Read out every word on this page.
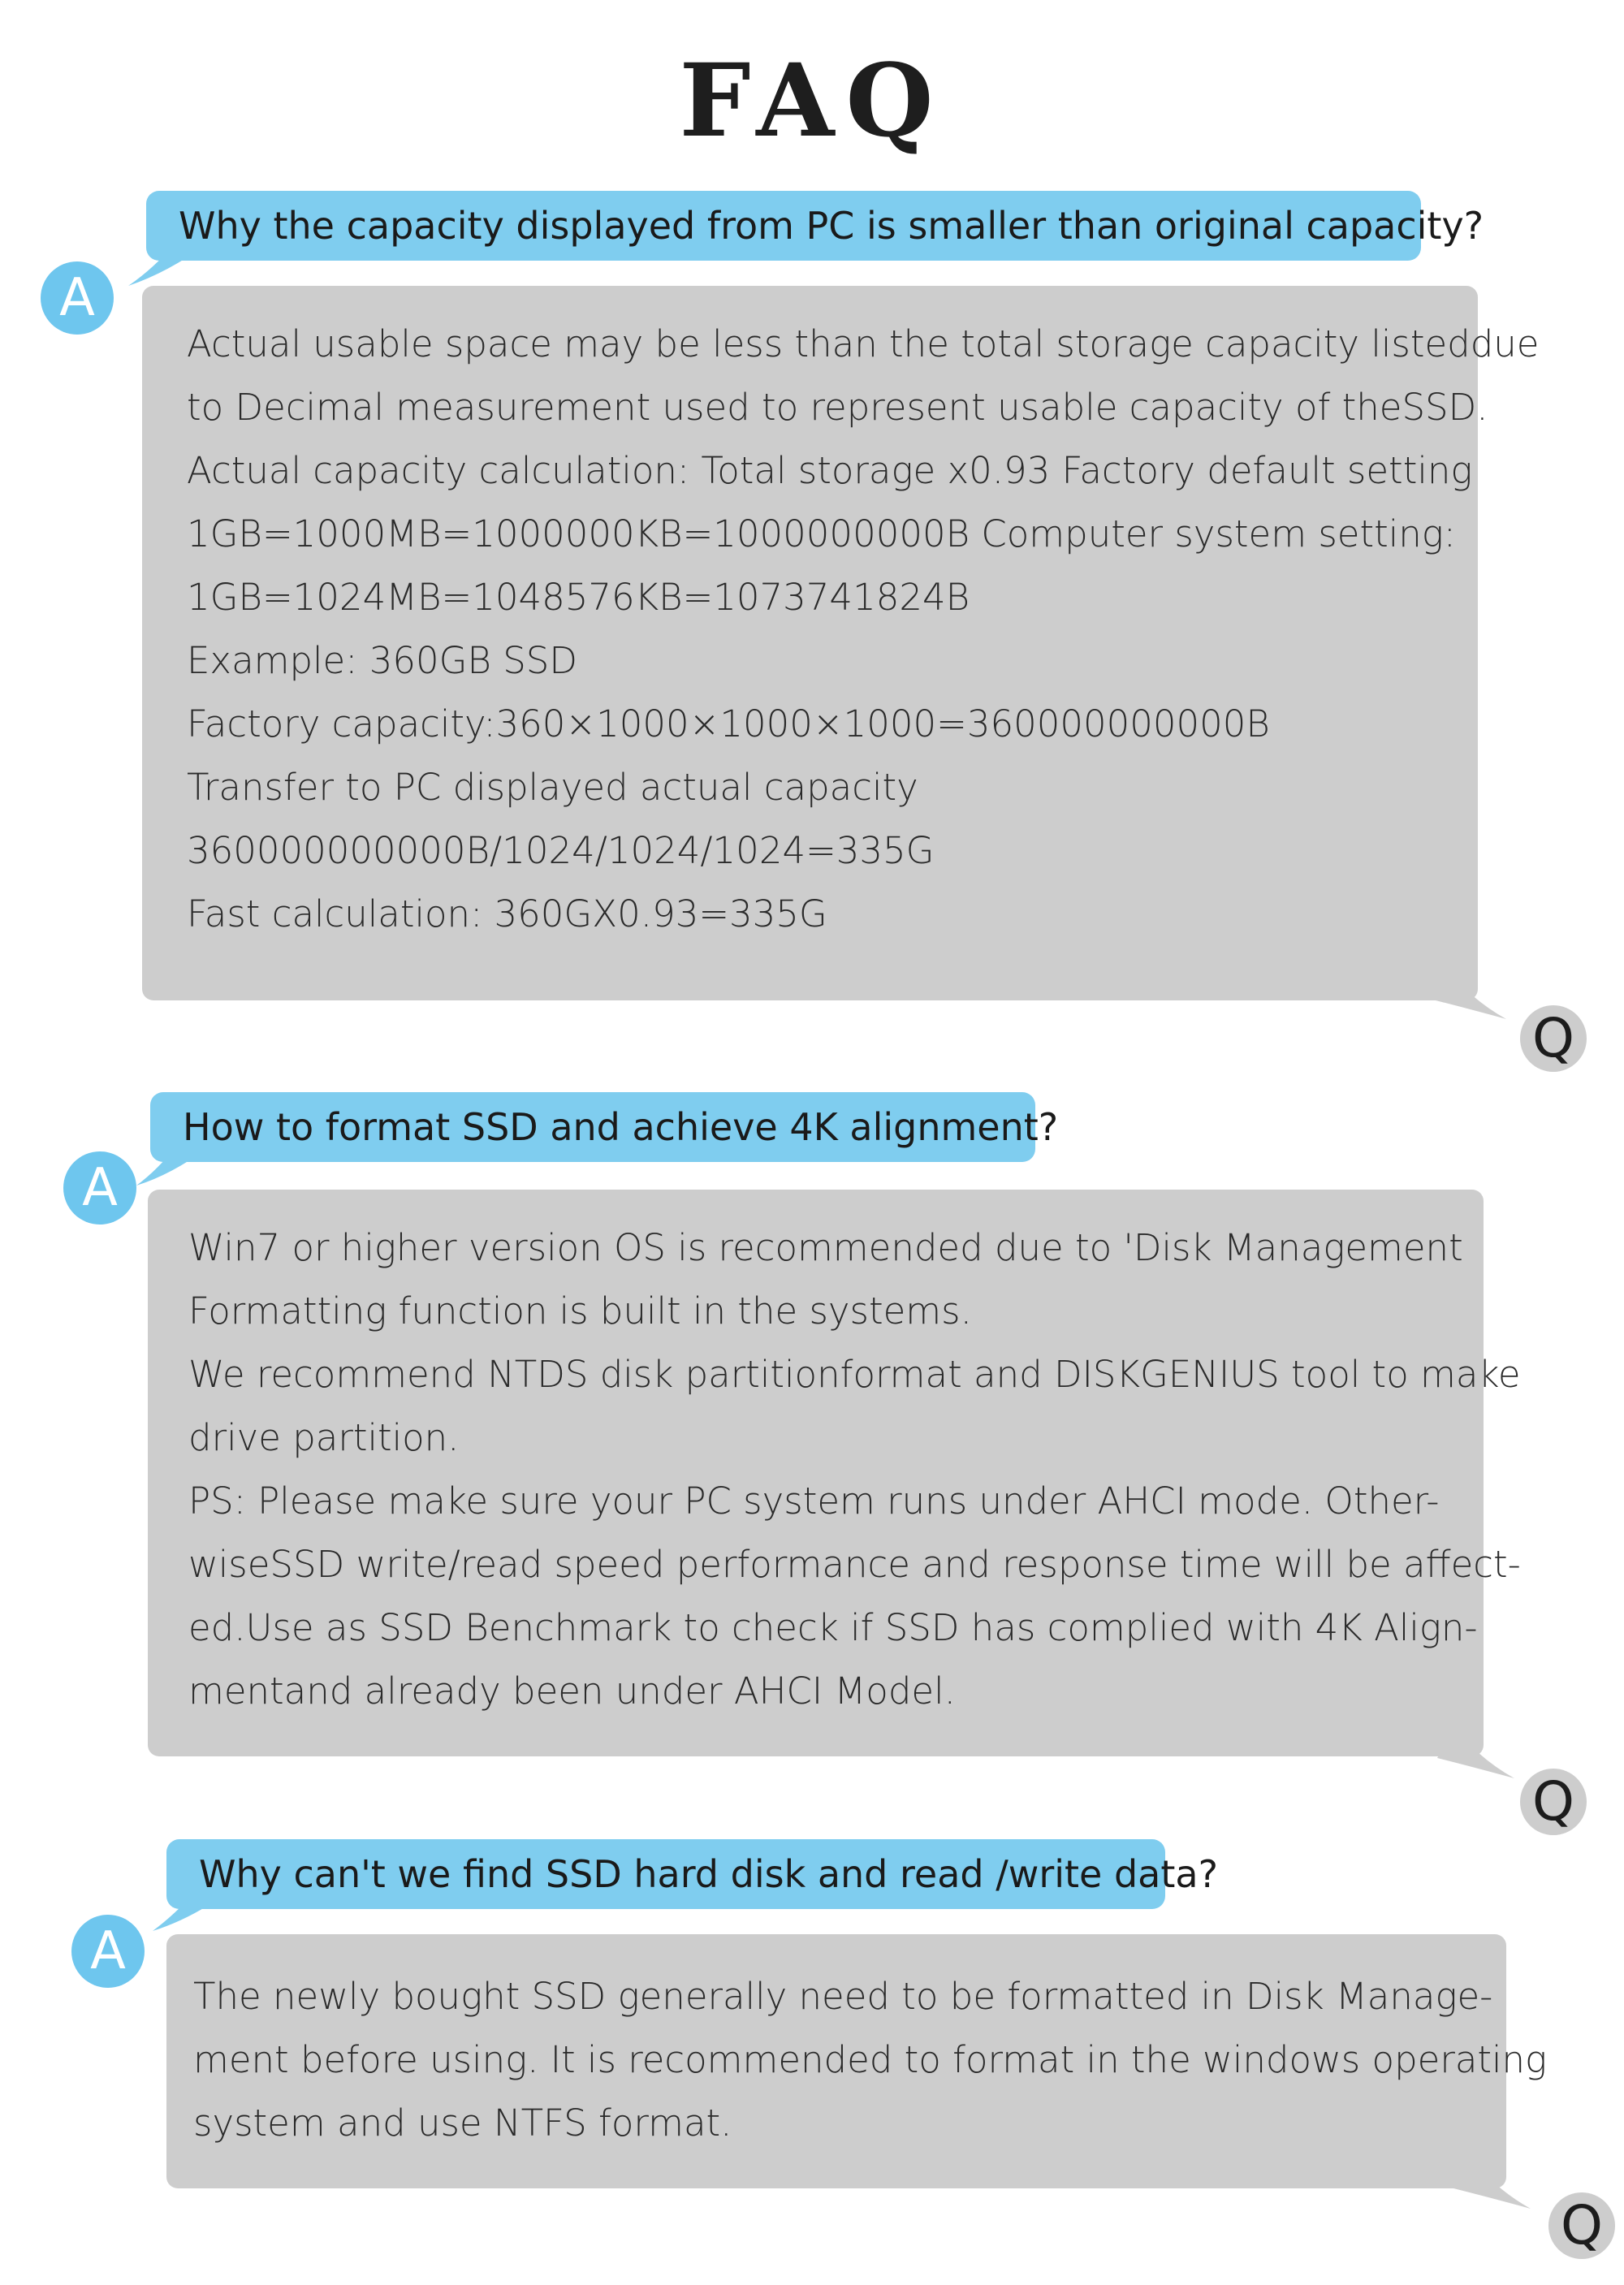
FAQ
Why the capacity displayed from PC is smaller than original capacity?
A
Actual usable space may be less than the total storage capacity listeddue
to Decimal measurement used to represent usable capacity of theSSD.
Actual capacity calculation: Total storage x0.93 Factory default setting
1GB=1000MB=1000000KB=1000000000B Computer system setting:
1GB=1024MB=1048576KB=1073741824B
Example: 360GB SSD
Factory capacity:360×1000×1000×1000=360000000000B
Transfer to PC displayed actual capacity
360000000000B/1024/1024/1024=335G
Fast calculation: 360GX0.93=335G
Q
How to format SSD and achieve 4K alignment?
A
Win7 or higher version OS is recommended due to 'Disk Management
Formatting function is built in the systems.
We recommend NTDS disk partitionformat and DISKGENIUS tool to make
drive partition.
PS: Please make sure your PC system runs under AHCI mode. Other-
wiseSSD write/read speed performance and response time will be affect-
ed.Use as SSD Benchmark to check if SSD has complied with 4K Align-
mentand already been under AHCI Model.
Q
Why can't we find SSD hard disk and read /write data?
A
The newly bought SSD generally need to be formatted in Disk Manage-
ment before using. It is recommended to format in the windows operating
system and use NTFS format.
Q
